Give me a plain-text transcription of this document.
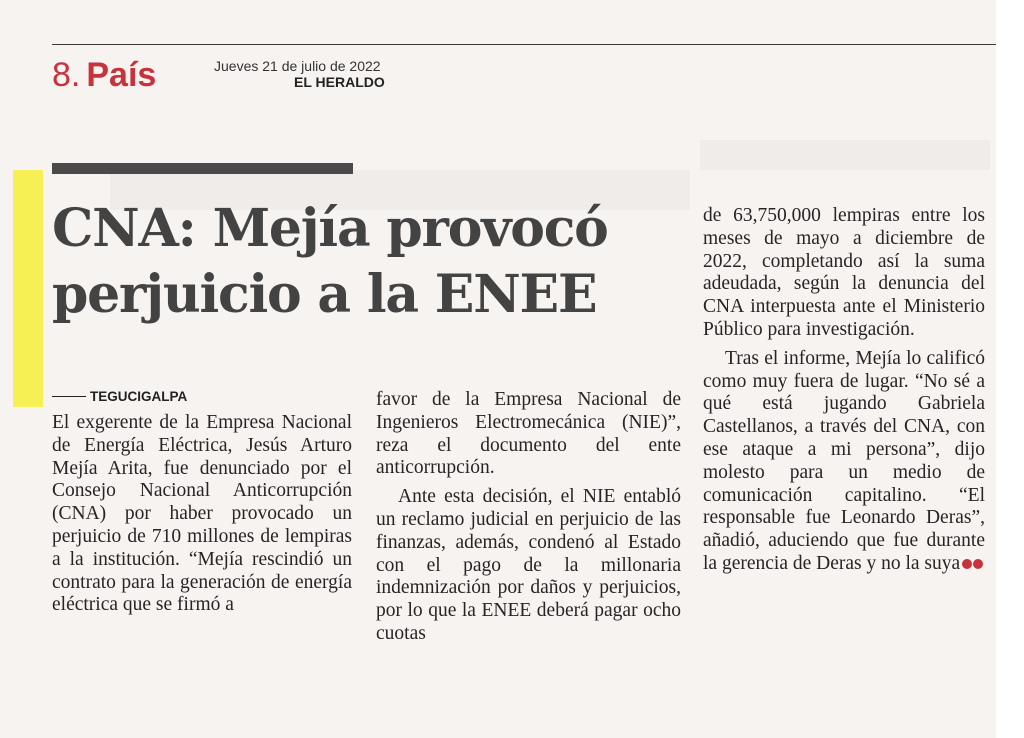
8. País	Jueves 21 de julio de 2022
EL HERALDO
CNA: Mejía provocó
perjuicio a la ENEE
TEGUCIGALPA

El exgerente de la Empresa Nacional de Energía Eléctrica, Jesús Arturo Mejía Arita, fue denunciado por el Consejo Nacional Anticorrupción (CNA) por haber provocado un perjuicio de 710 millones de lempiras a la institución. “Mejía rescindió un contrato para la generación de energía eléctrica que se firmó a

favor de la Empresa Nacional de Ingenieros Electromecánica (NIE)”, reza el documento del ente anticorrupción.

Ante esta decisión, el NIE entabló un reclamo judicial en perjuicio de las finanzas, además, condenó al Estado con el pago de la millonaria indemnización por daños y perjuicios, por lo que la ENEE deberá pagar ocho cuotas

de 63,750,000 lempiras entre los meses de mayo a diciembre de 2022, completando así la suma adeudada, según la denuncia del CNA interpuesta ante el Ministerio Público para investigación.

Tras el informe, Mejía lo calificó como muy fuera de lugar. “No sé a qué está jugando Gabriela Castellanos, a través del CNA, con ese ataque a mi persona”, dijo molesto para un medio de comunicación capitalino. “El responsable fue Leonardo Deras”, añadió, aduciendo que fue durante la gerencia de Deras y no la suya
